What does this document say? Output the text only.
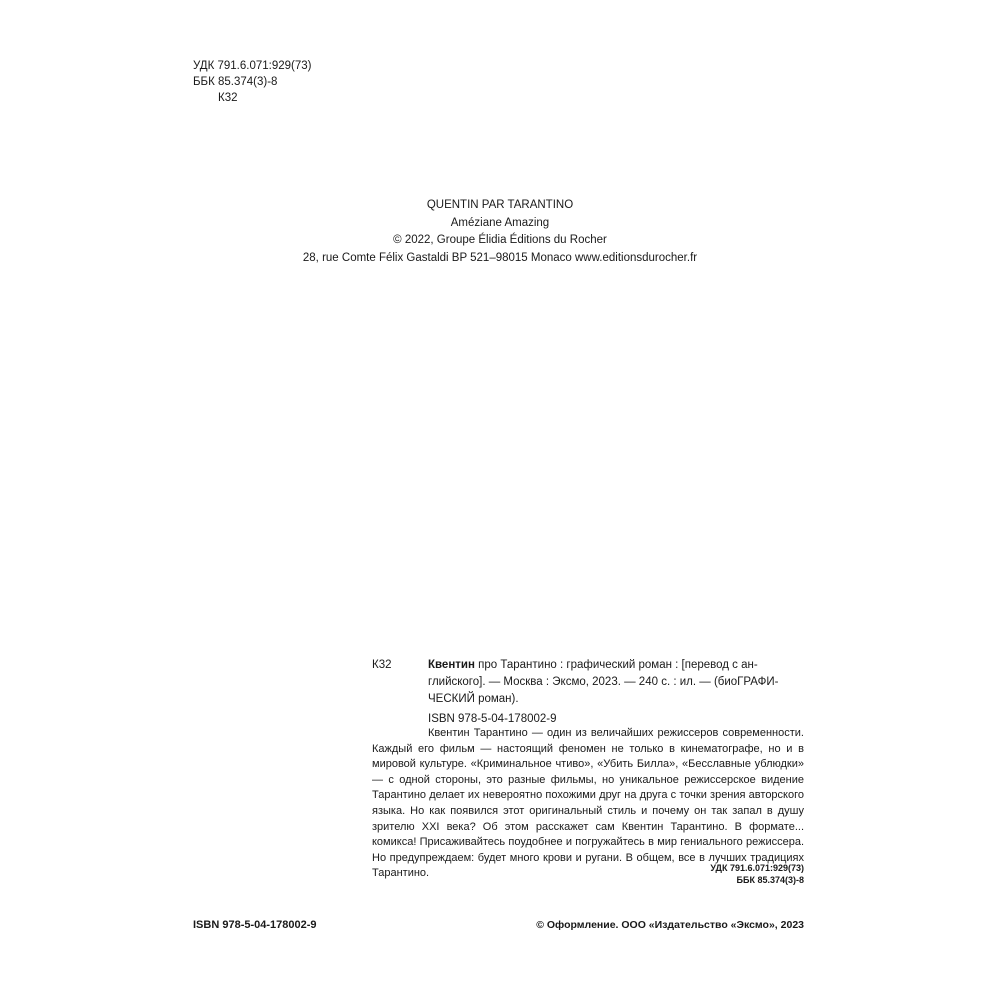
УДК 791.6.071:929(73)
ББК 85.374(3)-8
К32
QUENTIN PAR TARANTINO
Améziane Amazing
© 2022, Groupe Élidia Éditions du Rocher
28, rue Comte Félix Gastaldi BP 521–98015 Monaco www.editionsdurocher.fr
К32	Квентин про Тарантино : графический роман : [перевод с ан-
глийского]. — Москва : Эксмо, 2023. — 240 с. : ил. — (биоГРАФИ-
ЧЕСКИЙ роман).
ISBN 978-5-04-178002-9

Квентин Тарантино — один из величайших режиссеров современности. Каждый его фильм — настоящий феномен не только в кинематографе, но и в мировой культуре. «Криминальное чтиво», «Убить Билла», «Бесславные ублюдки» — с одной стороны, это разные фильмы, но уникальное режиссерское видение Тарантино делает их невероятно похожими друг на друга с точки зрения авторского языка. Но как появился этот оригинальный стиль и почему он так запал в душу зрителю XXI века? Об этом расскажет сам Квентин Тарантино. В формате... комикса! Присаживайтесь поудобнее и погружайтесь в мир гениального режиссера. Но предупреждаем: будет много крови и ругани. В общем, все в лучших традициях Тарантино.	УДК 791.6.071:929(73)
ББК 85.374(3)-8
ISBN 978-5-04-178002-9	© Оформление. ООО «Издательство «Эксмо», 2023
